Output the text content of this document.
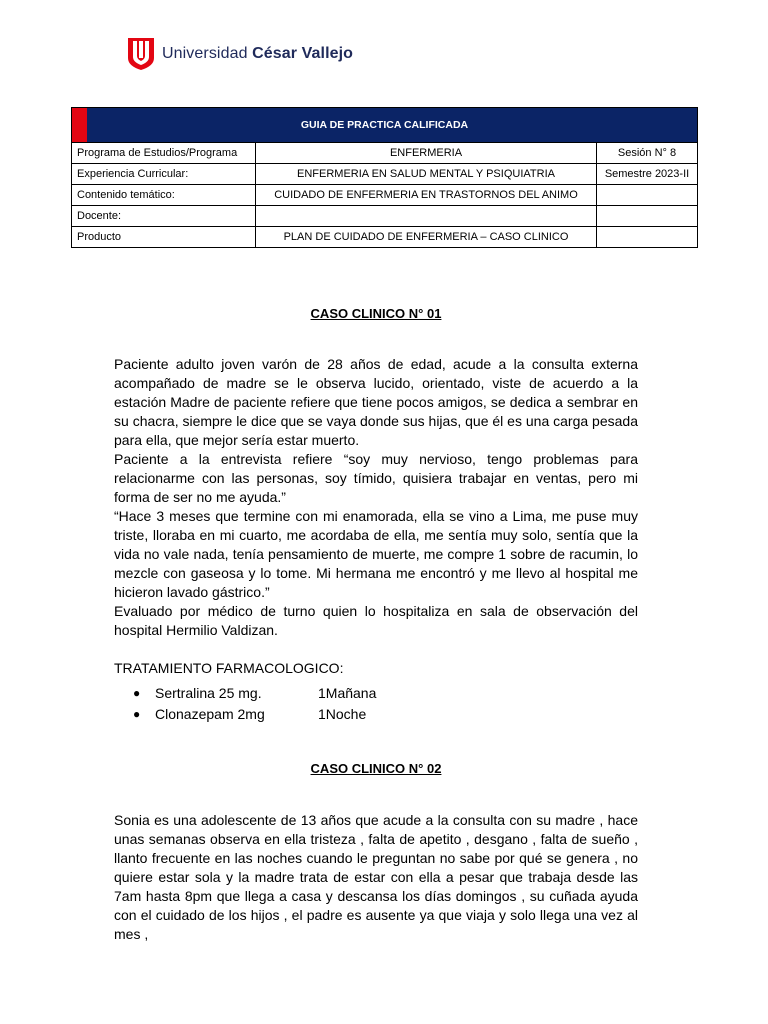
Universidad César Vallejo
GUIA DE PRACTICA CALIFICADA		
Programa de Estudios/Programa	ENFERMERIA	Sesión N° 8
Experiencia Curricular:	ENFERMERIA EN SALUD MENTAL Y PSIQUIATRIA	Semestre 2023-II
Contenido temático:	CUIDADO DE ENFERMERIA EN TRASTORNOS DEL ANIMO	
Docente:		
Producto	PLAN DE CUIDADO DE ENFERMERIA – CASO CLINICO	

CASO CLINICO N° 01

Paciente adulto joven varón de 28 años de edad, acude a la consulta externa acompañado de madre se le observa lucido, orientado, viste de acuerdo a la estación Madre de paciente refiere que tiene pocos amigos, se dedica a sembrar en su chacra, siempre le dice que se vaya donde sus hijas, que él es una carga pesada para ella, que mejor sería estar muerto.

Paciente a la entrevista refiere “soy muy nervioso, tengo problemas para relacionarme con las personas, soy tímido, quisiera trabajar en ventas, pero mi forma de ser no me ayuda.”

“Hace 3 meses que termine con mi enamorada, ella se vino a Lima, me puse muy triste, lloraba en mi cuarto, me acordaba de ella, me sentía muy solo, sentía que la vida no vale nada, tenía pensamiento de muerte, me compre 1 sobre de racumin, lo mezcle con gaseosa y lo tome. Mi hermana me encontró y me llevo al hospital me hicieron lavado gástrico.”

Evaluado por médico de turno quien lo hospitaliza en sala de observación del hospital Hermilio Valdizan.

TRATAMIENTO FARMACOLOGICO:

●	Sertralina 25 mg.	1Mañana
●	Clonazepam 2mg	1Noche

CASO CLINICO N° 02

Sonia es una adolescente de 13 años que acude a la consulta con su madre , hace unas semanas observa en ella tristeza , falta de apetito , desgano , falta de sueño , llanto frecuente en las noches cuando le preguntan no sabe por qué se genera , no quiere estar sola y la madre trata de estar con ella a pesar que trabaja desde las 7am hasta 8pm que llega a casa y descansa los días domingos , su cuñada ayuda con el cuidado de los hijos , el padre es ausente ya que viaja y solo llega una vez al mes ,
